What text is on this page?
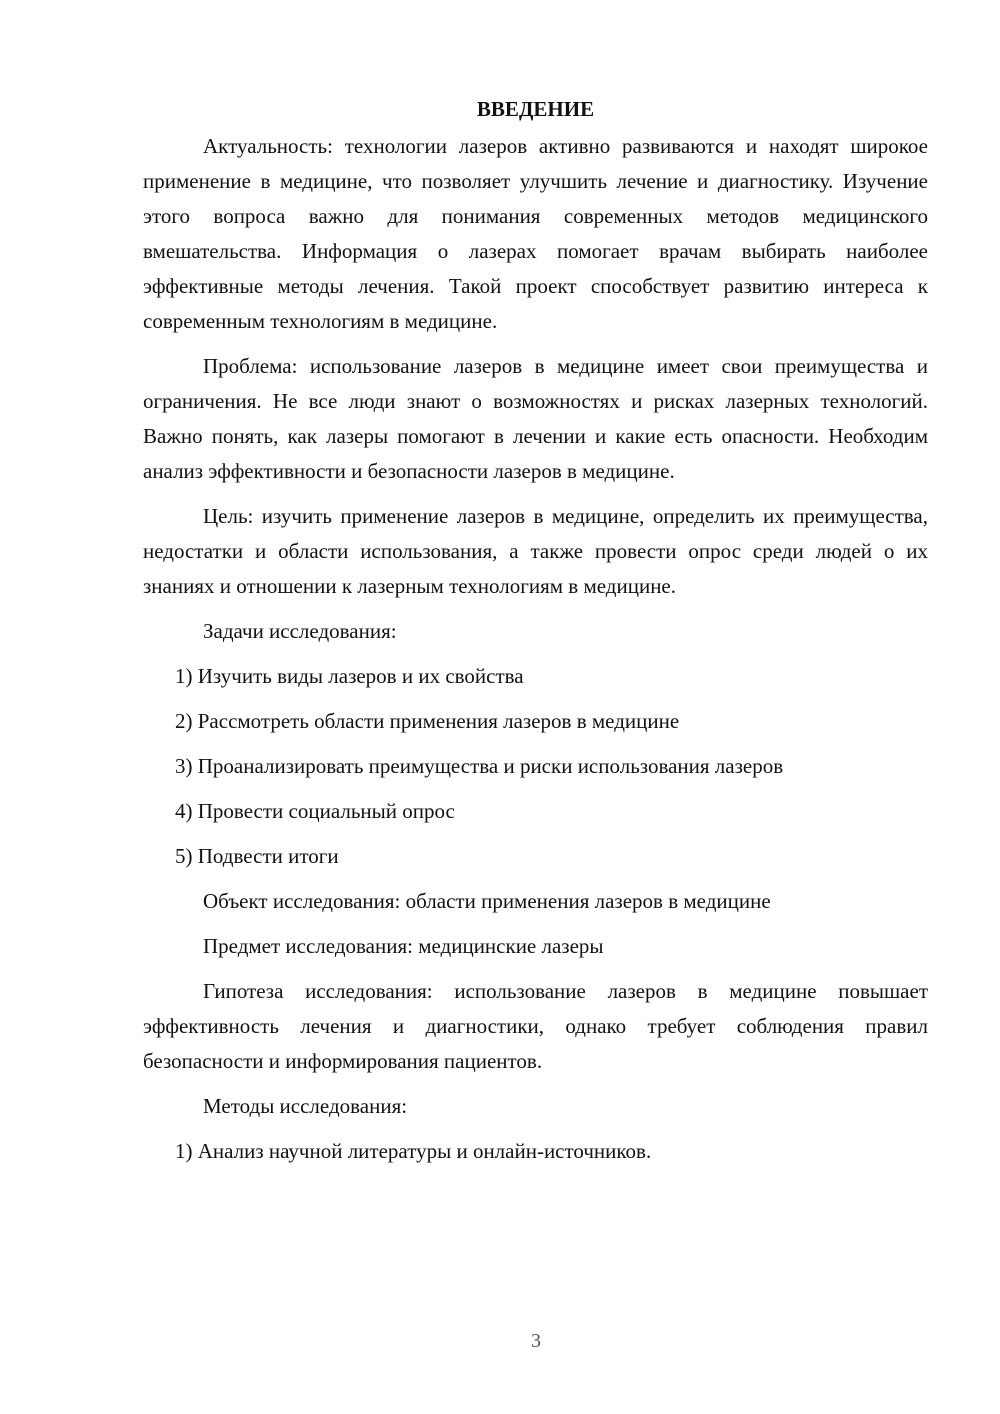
ВВЕДЕНИЕ

Актуальность: технологии лазеров активно развиваются и находят широкое применение в медицине, что позволяет улучшить лечение и диагностику. Изучение этого вопроса важно для понимания современных методов медицинского вмешательства. Информация о лазерах помогает врачам выбирать наиболее эффективные методы лечения. Такой проект способствует развитию интереса к современным технологиям в медицине.

Проблема: использование лазеров в медицине имеет свои преимущества и ограничения. Не все люди знают о возможностях и рисках лазерных технологий. Важно понять, как лазеры помогают в лечении и какие есть опасности. Необходим анализ эффективности и безопасности лазеров в медицине.

Цель: изучить применение лазеров в медицине, определить их преимущества, недостатки и области использования, а также провести опрос среди людей о их знаниях и отношении к лазерным технологиям в медицине.

Задачи исследования:

1) Изучить виды лазеров и их свойства

2) Рассмотреть области применения лазеров в медицине

3) Проанализировать преимущества и риски использования лазеров

4) Провести социальный опрос

5) Подвести итоги

Объект исследования: области применения лазеров в медицине

Предмет исследования: медицинские лазеры

Гипотеза исследования: использование лазеров в медицине повышает эффективность лечения и диагностики, однако требует соблюдения правил безопасности и информирования пациентов.

Методы исследования:

1) Анализ научной литературы и онлайн-источников.

3
